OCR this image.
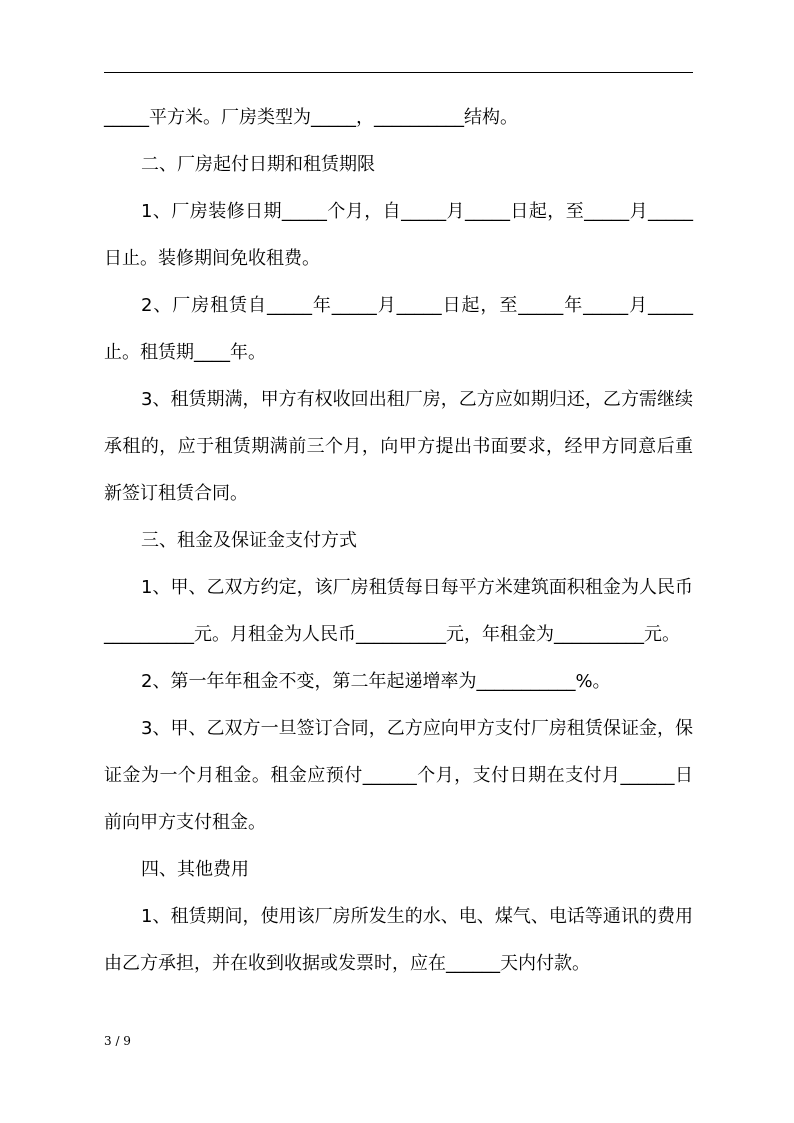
_____平方米。厂房类型为_____，__________结构。
二、厂房起付日期和租赁期限
1、厂房装修日期_____个月，自_____月_____日起，至_____月_____日止。装修期间免收租费。
2、厂房租赁自_____年_____月_____日起，至_____年_____月_____止。租赁期____年。
3、租赁期满，甲方有权收回出租厂房，乙方应如期归还，乙方需继续承租的，应于租赁期满前三个月，向甲方提出书面要求，经甲方同意后重新签订租赁合同。
三、租金及保证金支付方式
1、甲、乙双方约定，该厂房租赁每日每平方米建筑面积租金为人民币__________元。月租金为人民币__________元，年租金为__________元。
2、第一年年租金不变，第二年起递增率为___________%。
3、甲、乙双方一旦签订合同，乙方应向甲方支付厂房租赁保证金，保证金为一个月租金。租金应预付______个月，支付日期在支付月______日前向甲方支付租金。
四、其他费用
1、租赁期间，使用该厂房所发生的水、电、煤气、电话等通讯的费用由乙方承担，并在收到收据或发票时，应在______天内付款。
3 / 9
